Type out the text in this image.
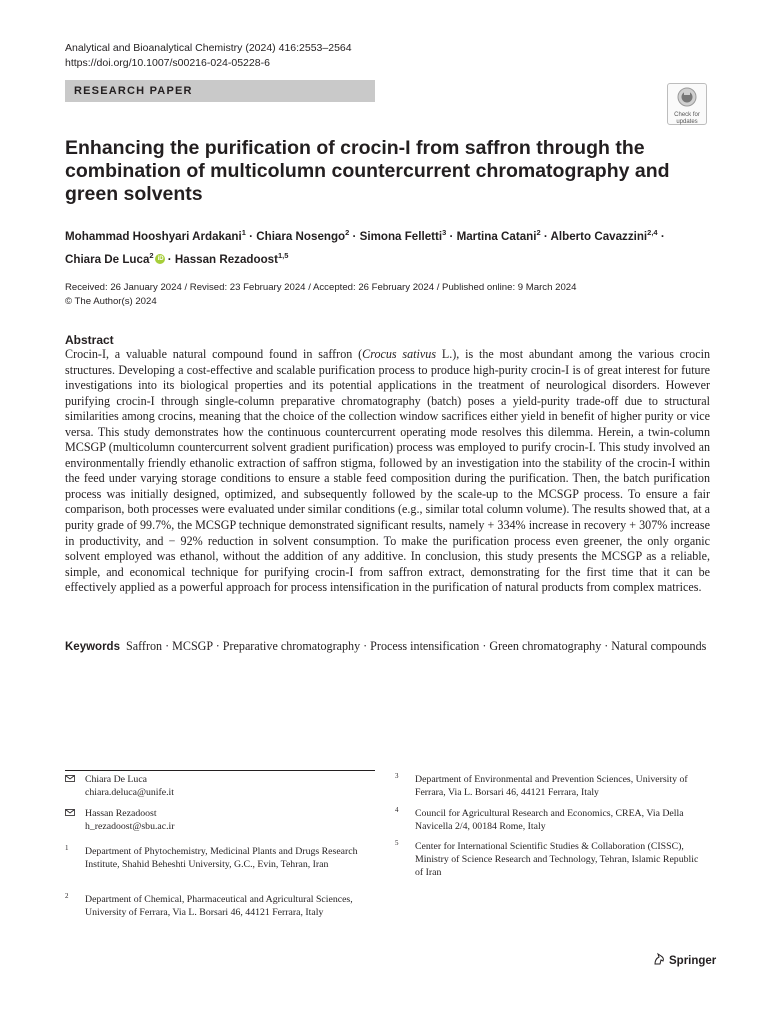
Analytical and Bioanalytical Chemistry (2024) 416:2553–2564
https://doi.org/10.1007/s00216-024-05228-6
RESEARCH PAPER
Check for
updates
Enhancing the purification of crocin-I from saffron through the combination of multicolumn countercurrent chromatography and green solvents
Mohammad Hooshyari Ardakani$^1$ · Chiara Nosengo$^2$ · Simona Felletti$^3$ · Martina Catani$^2$ · Alberto Cavazzini$^{2,4}$ ·
Chiara De Luca$^2$ iD · Hassan Rezadoost$^{1,5}$
Received: 26 January 2024 / Revised: 23 February 2024 / Accepted: 26 February 2024 / Published online: 9 March 2024
© The Author(s) 2024
Abstract

Crocin-I, a valuable natural compound found in saffron (Crocus sativus L.), is the most abundant among the various crocin structures. Developing a cost-effective and scalable purification process to produce high-purity crocin-I is of great interest for future investigations into its biological properties and its potential applications in the treatment of neurological disorders. However purifying crocin-I through single-column preparative chromatography (batch) poses a yield-purity trade-off due to structural similarities among crocins, meaning that the choice of the collection window sacrifices either yield in benefit of higher purity or vice versa. This study demonstrates how the continuous countercurrent operating mode resolves this dilemma. Herein, a twin-column MCSGP (multicolumn countercurrent solvent gradient purification) process was employed to purify crocin-I. This study involved an environmentally friendly ethanolic extraction of saffron stigma, followed by an investigation into the stability of the crocin-I within the feed under varying storage conditions to ensure a stable feed composition during the purification. Then, the batch purification process was initially designed, optimized, and subsequently followed by the scale-up to the MCSGP process. To ensure a fair comparison, both processes were evaluated under similar conditions (e.g., similar total column volume). The results showed that, at a purity grade of 99.7%, the MCSGP technique demonstrated significant results, namely + 334% increase in recovery + 307% increase in productivity, and − 92% reduction in solvent consumption. To make the purification process even greener, the only organic solvent employed was ethanol, without the addition of any additive. In conclusion, this study presents the MCSGP as a reliable, simple, and economical technique for purifying crocin-I from saffron extract, demonstrating for the first time that it can be effectively applied as a powerful approach for process intensification in the purification of natural products from complex matrices.

Keywords Saffron · MCSGP · Preparative chromatography · Process intensification · Green chromatography · Natural compounds
Chiara De Luca
chiara.deluca@unife.it
Hassan Rezadoost
h_rezadoost@sbu.ac.ir
1 Department of Phytochemistry, Medicinal Plants and Drugs Research Institute, Shahid Beheshti University, G.C., Evin, Tehran, Iran
2 Department of Chemical, Pharmaceutical and Agricultural Sciences, University of Ferrara, Via L. Borsari 46, 44121 Ferrara, Italy
3 Department of Environmental and Prevention Sciences, University of Ferrara, Via L. Borsari 46, 44121 Ferrara, Italy
4 Council for Agricultural Research and Economics, CREA, Via Della Navicella 2/4, 00184 Rome, Italy
5 Center for International Scientific Studies & Collaboration (CISSC), Ministry of Science Research and Technology, Tehran, Islamic Republic of Iran
Springer
